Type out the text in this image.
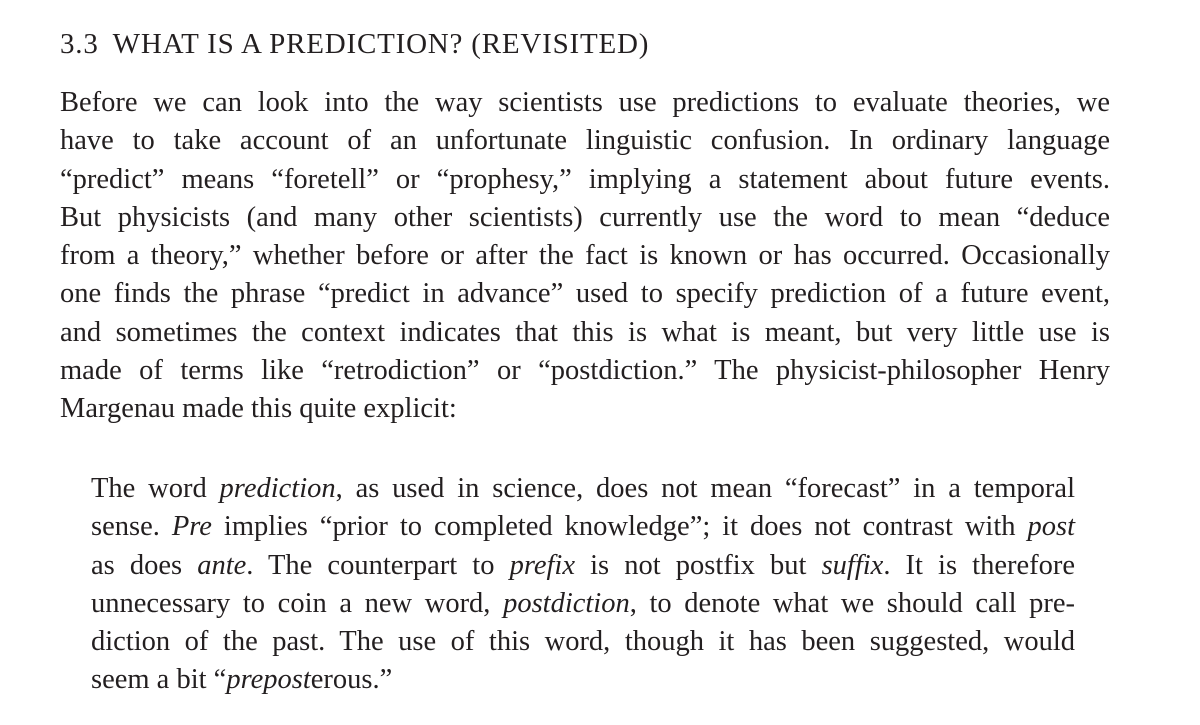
3.3 WHAT IS A PREDICTION? (REVISITED)
Before we can look into the way scientists use predictions to evaluate theories, we
have to take account of an unfortunate linguistic confusion. In ordinary language
“predict” means “foretell” or “prophesy,” implying a statement about future events.
But physicists (and many other scientists) currently use the word to mean “deduce
from a theory,” whether before or after the fact is known or has occurred. Occasionally
one finds the phrase “predict in advance” used to specify prediction of a future event,
and sometimes the context indicates that this is what is meant, but very little use is
made of terms like “retrodiction” or “postdiction.” The physicist-philosopher Henry
Margenau made this quite explicit:
The word prediction, as used in science, does not mean “forecast” in a temporal
sense. Pre implies “prior to completed knowledge”; it does not contrast with post
as does ante. The counterpart to prefix is not postfix but suffix. It is therefore
unnecessary to coin a new word, postdiction, to denote what we should call pre-
diction of the past. The use of this word, though it has been suggested, would
seem a bit “preposterous.”
